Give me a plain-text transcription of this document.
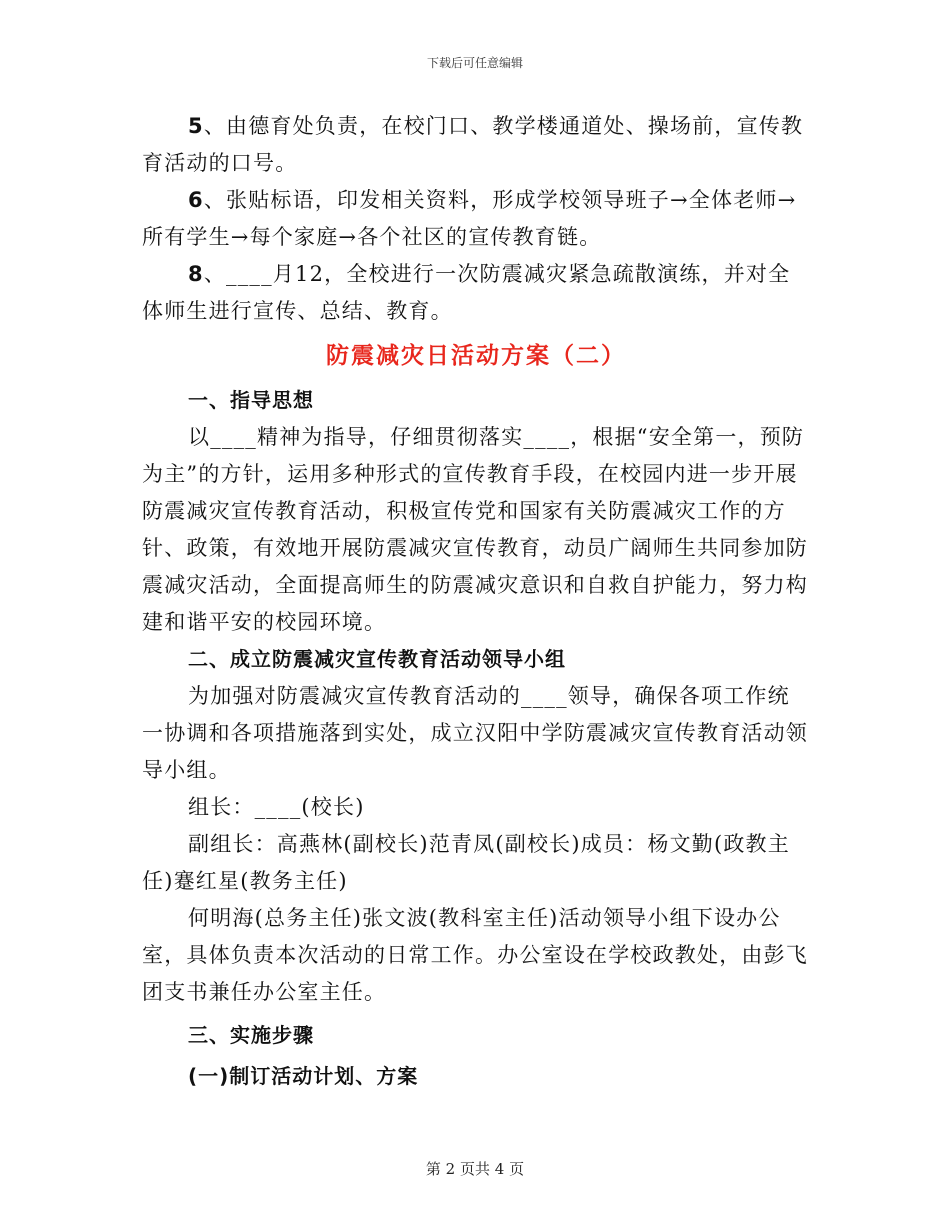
下载后可任意编辑

5、由德育处负责，在校门口、教学楼通道处、操场前，宣传教育活动的口号。

6、张贴标语，印发相关资料，形成学校领导班子→全体老师→所有学生→每个家庭→各个社区的宣传教育链。

8、____月12，全校进行一次防震减灾紧急疏散演练，并对全体师生进行宣传、总结、教育。

防震减灾日活动方案（二）

一、指导思想

以____精神为指导，仔细贯彻落实____，根据“安全第一，预防为主”的方针，运用多种形式的宣传教育手段，在校园内进一步开展防震减灾宣传教育活动，积极宣传党和国家有关防震减灾工作的方针、政策，有效地开展防震减灾宣传教育，动员广阔师生共同参加防震减灾活动，全面提高师生的防震减灾意识和自救自护能力，努力构建和谐平安的校园环境。

二、成立防震减灾宣传教育活动领导小组

为加强对防震减灾宣传教育活动的____领导，确保各项工作统一协调和各项措施落到实处，成立汉阳中学防震减灾宣传教育活动领导小组。

组长：____(校长)

副组长：高燕林(副校长)范青凤(副校长)成员：杨文勤(政教主任)蹇红星(教务主任)

何明海(总务主任)张文波(教科室主任)活动领导小组下设办公室，具体负责本次活动的日常工作。办公室设在学校政教处，由彭飞团支书兼任办公室主任。

三、实施步骤

(一)制订活动计划、方案

第 2 页共 4 页
